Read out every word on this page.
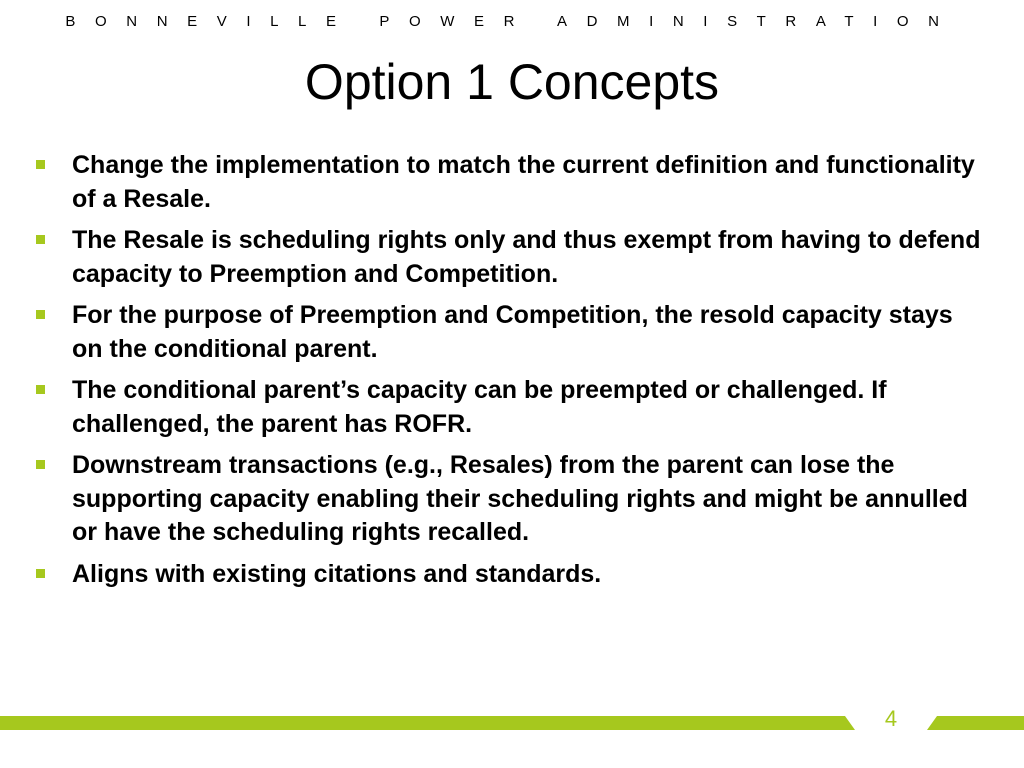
BONNEVILLE POWER ADMINISTRATION
Option 1 Concepts
Change the implementation to match the current definition and functionality of a Resale.
The Resale is scheduling rights only and thus exempt from having to defend capacity to Preemption and Competition.
For the purpose of Preemption and Competition, the resold capacity stays on the conditional parent.
The conditional parent’s capacity can be preempted or challenged. If challenged, the parent has ROFR.
Downstream transactions (e.g., Resales) from the parent can lose the supporting capacity enabling their scheduling rights and might be annulled or have the scheduling rights recalled.
Aligns with existing citations and standards.
4
